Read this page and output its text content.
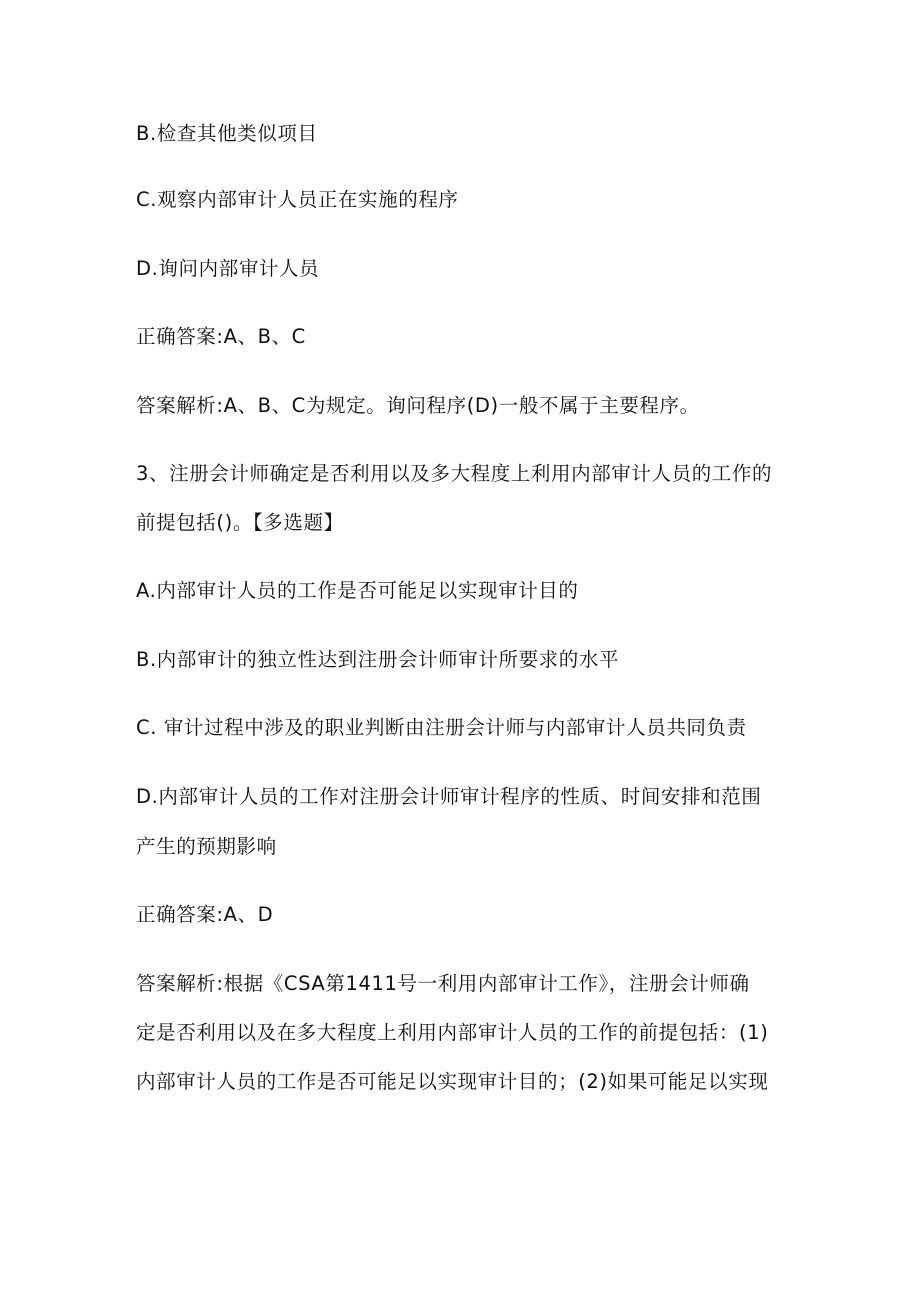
B.检查其他类似项目
C.观察内部审计人员正在实施的程序
D.询问内部审计人员
正确答案:A、B、C
答案解析:A、B、C为规定。询问程序(D)一般不属于主要程序。
3、注册会计师确定是否利用以及多大程度上利用内部审计人员的工作的
前提包括()。【多选题】
A.内部审计人员的工作是否可能足以实现审计目的
B.内部审计的独立性达到注册会计师审计所要求的水平
C. 审计过程中涉及的职业判断由注册会计师与内部审计人员共同负责
D.内部审计人员的工作对注册会计师审计程序的性质、时间安排和范围
产生的预期影响
正确答案:A、D
答案解析:根据《CSA第1411号一利用内部审计工作》，注册会计师确
定是否利用以及在多大程度上利用内部审计人员的工作的前提包括：(1)
内部审计人员的工作是否可能足以实现审计目的；(2)如果可能足以实现
